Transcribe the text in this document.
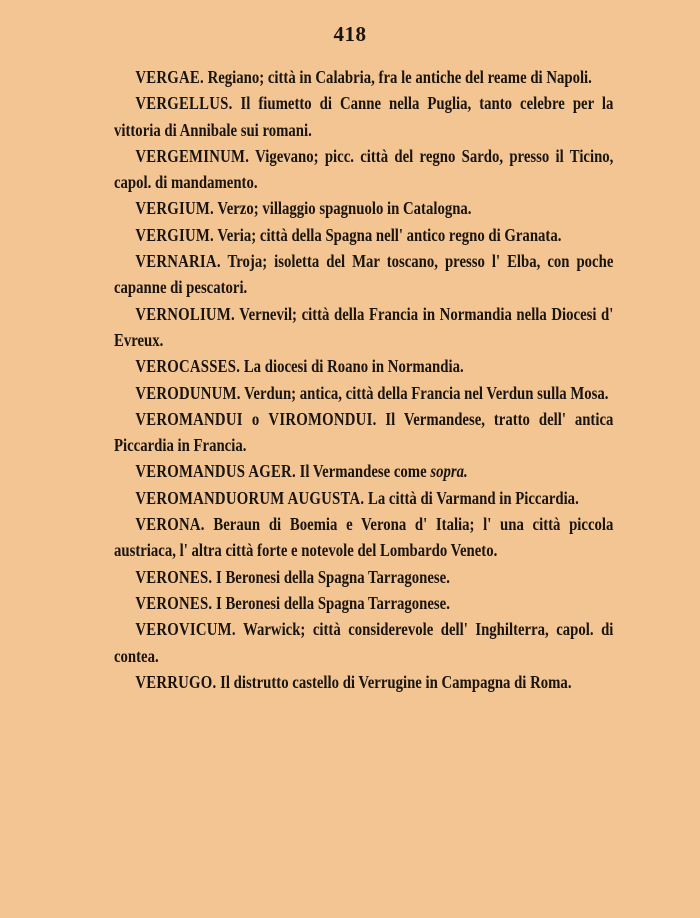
418

VERGAE. Regiano; città in Calabria, fra le antiche del reame di Napoli.

VERGELLUS. Il fiumetto di Canne nella Puglia, tanto celebre per la vittoria di Annibale sui romani.

VERGEMINUM. Vigevano; picc. città del regno Sardo, presso il Ticino, capol. di mandamento.

VERGIUM. Verzo; villaggio spagnuolo in Catalogna.

VERGIUM. Veria; città della Spagna nell' antico regno di Granata.

VERNARIA. Troja; isoletta del Mar toscano, presso l' Elba, con poche capanne di pescatori.

VERNOLIUM. Vernevil; città della Francia in Normandia nella Diocesi d' Evreux.

VEROCASSES. La diocesi di Roano in Normandia.

VERODUNUM. Verdun; antica, città della Francia nel Verdun sulla Mosa.

VEROMANDUI o VIROMONDUI. Il Vermandese, tratto dell' antica Piccardia in Francia.

VEROMANDUS AGER. Il Vermandese come sopra.

VEROMANDUORUM AUGUSTA. La città di Varmand in Piccardia.

VERONA. Beraun di Boemia e Verona d' Italia; l' una città piccola austriaca, l' altra città forte e notevole del Lombardo Veneto.

VERONES. I Beronesi della Spagna Tarragonese.

VERONES. I Beronesi della Spagna Tarragonese.

VEROVICUM. Warwick; città considerevole dell' Inghilterra, capol. di contea.

VERRUGO. Il distrutto castello di Verrugine in Campagna di Roma.
